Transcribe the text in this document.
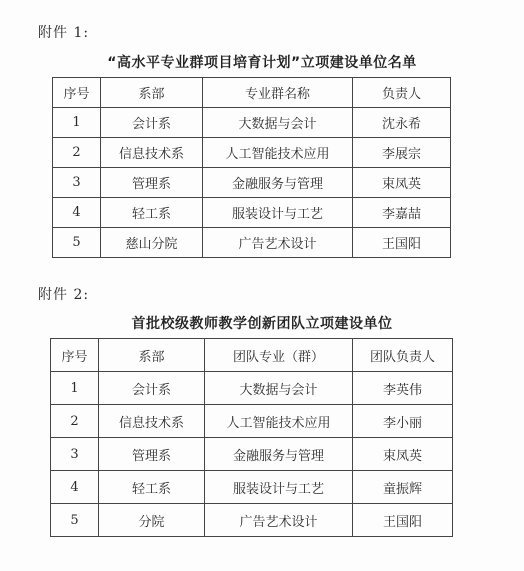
附件 1:
“高水平专业群项目培育计划”立项建设单位名单
序号	系部	专业群名称	负责人
1	会计系	大数据与会计	沈永希
2	信息技术系	人工智能技术应用	李展宗
3	管理系	金融服务与管理	束凤英
4	轻工系	服装设计与工艺	李嘉喆
5	慈山分院	广告艺术设计	王国阳
附件 2:
首批校级教师教学创新团队立项建设单位
序号	系部	团队专业（群）	团队负责人
1	会计系	大数据与会计	李英伟
2	信息技术系	人工智能技术应用	李小丽
3	管理系	金融服务与管理	束凤英
4	轻工系	服装设计与工艺	童振辉
5	分院	广告艺术设计	王国阳
